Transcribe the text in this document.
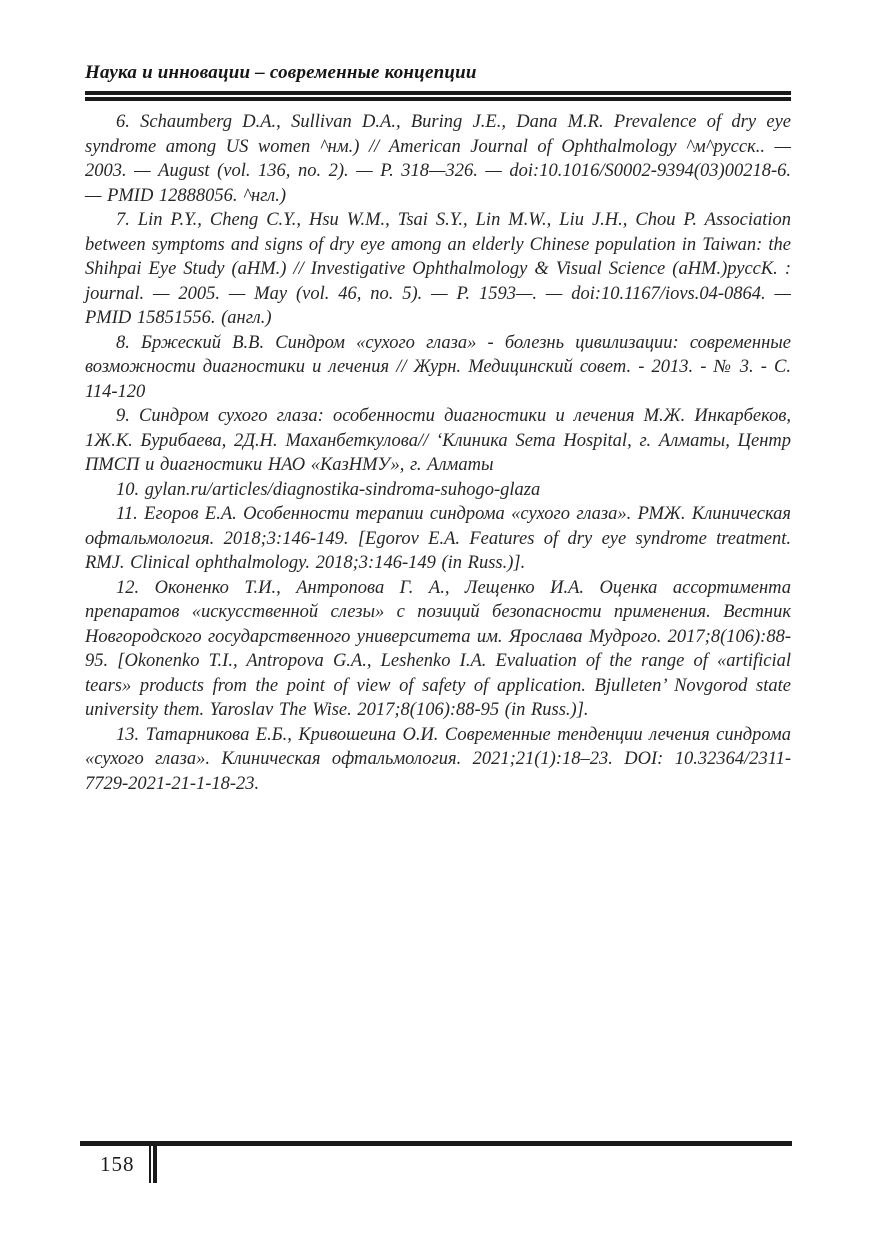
Наука и инновации – современные концепции

6. Schaumberg D.A., Sullivan D.A., Buring J.E., Dana M.R. Prevalence of dry eye syndrome among US women ^нм.) // American Journal of Ophthalmology ^м^русск.. — 2003. — August (vol. 136, no. 2). — P. 318—326. — doi:10.1016/S0002-9394(03)00218-6. — PMID 12888056. ^нгл.)

7. Lin P.Y., Cheng C.Y., Hsu W.M., Tsai S.Y., Lin M.W., Liu J.H., Chou P. Association between symptoms and signs of dry eye among an elderly Chinese population in Taiwan: the Shihpai Eye Study (aHM.) // Investigative Ophthalmology & Visual Science (aHM.)руссК. : journal. — 2005. — May (vol. 46, no. 5). — P. 1593—. — doi:10.1167/iovs.04-0864. — PMID 15851556. (англ.)

8. Бржеский В.В. Синдром «сухого глаза» - болезнь цивилизации: современные возможности диагностики и лечения // Журн. Медицинский совет. - 2013. - № 3. - С. 114-120

9. Синдром сухого глаза: особенности диагностики и лечения М.Ж. Инкарбеков, 1Ж.К. Бурибаева, 2Д.Н. Маханбеткулова// ‘Клиника Sema Hospital, г. Алматы, Центр ПМСП и диагностики НАО «КазНМУ», г. Алматы

10. gylan.ru/articles/diagnostika-sindroma-suhogo-glaza

11. Егоров Е.А. Особенности терапии синдрома «сухого глаза». РМЖ. Клиническая офтальмология. 2018;3:146-149. [Egorov E.A. Features of dry eye syndrome treatment. RMJ. Clinical ophthalmology. 2018;3:146-149 (in Russ.)].

12. Оконенко Т.И., Антропова Г. А., Лещенко И.А. Оценка ассортимента препаратов «искусственной слезы» с позиций безопасности применения. Вестник Новгородского государственного университета им. Ярослава Мудрого. 2017;8(106):88-95. [Okonenko T.I., Antropova G.A., Leshenko I.A. Evaluation of the range of «artificial tears» products from the point of view of safety of application. Bjulleten’ Novgorod state university them. Yaroslav The Wise. 2017;8(106):88-95 (in Russ.)].

13. Татарникова Е.Б., Кривошеина О.И. Современные тенденции лечения синдрома «сухого глаза». Клиническая офтальмология. 2021;21(1):18–23. DOI: 10.32364/2311-7729-2021-21-1-18-23.

158
